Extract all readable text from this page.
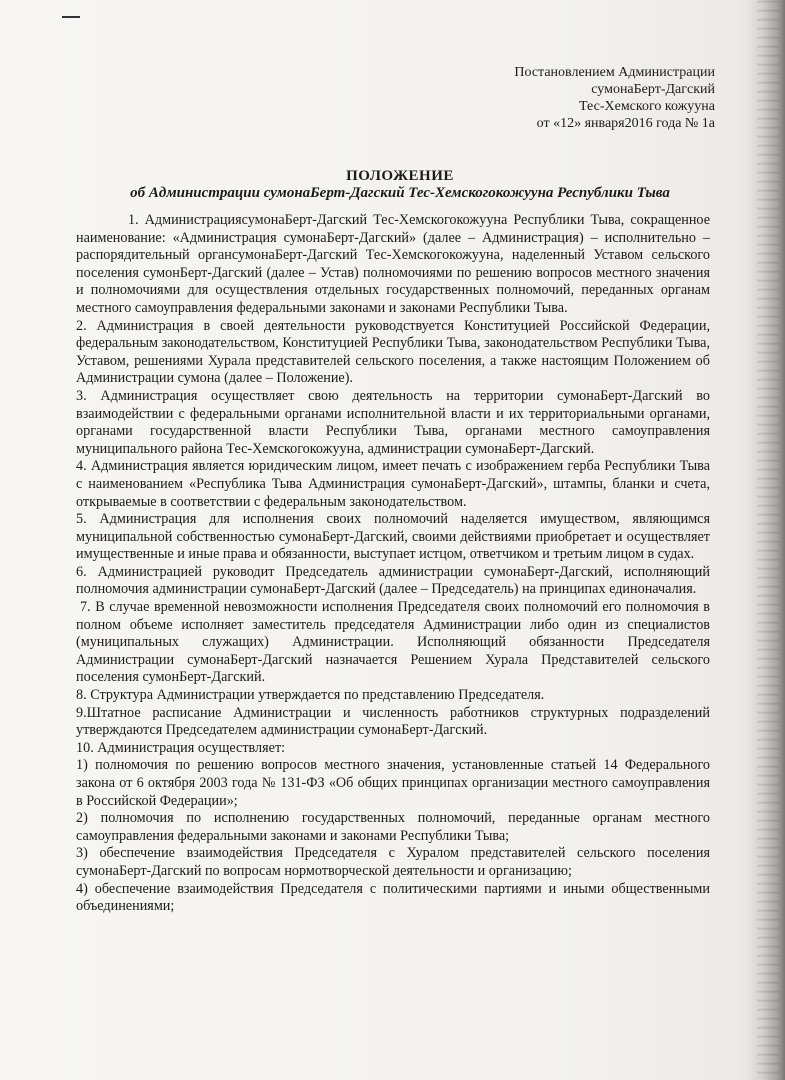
Постановлением Администрации
сумонаБерт-Дагский
Тес-Хемского кожууна
от «12» января2016 года № 1а
ПОЛОЖЕНИЕ
об Администрации сумонаБерт-Дагский Тес-Хемскогокожууна Республики Тыва

1. АдминистрациясумонаБерт-Дагский Тес-Хемскогокожууна Республики Тыва, сокращенное наименование: «Администрация сумонаБерт-Дагский» (далее – Администрация) – исполнительно – распорядительный органсумонаБерт-Дагский Тес-Хемскогокожууна, наделенный Уставом сельского поселения сумонБерт-Дагский (далее – Устав) полномочиями по решению вопросов местного значения и полномочиями для осуществления отдельных государственных полномочий, переданных органам местного самоуправления федеральными законами и законами Республики Тыва.

2. Администрация в своей деятельности руководствуется Конституцией Российской Федерации, федеральным законодательством, Конституцией Республики Тыва, законодательством Республики Тыва, Уставом, решениями Хурала представителей сельского поселения, а также настоящим Положением об Администрации сумона (далее – Положение).

3. Администрация осуществляет свою деятельность на территории сумонаБерт-Дагский во взаимодействии с федеральными органами исполнительной власти и их территориальными органами, органами государственной власти Республики Тыва, органами местного самоуправления муниципального района Тес-Хемскогокожууна, администрации сумонаБерт-Дагский.

4. Администрация является юридическим лицом, имеет печать с изображением герба Республики Тыва с наименованием «Республика Тыва Администрация сумонаБерт-Дагский», штампы, бланки и счета, открываемые в соответствии с федеральным законодательством.

5. Администрация для исполнения своих полномочий наделяется имуществом, являющимся муниципальной собственностью сумонаБерт-Дагский, своими действиями приобретает и осуществляет имущественные и иные права и обязанности, выступает истцом, ответчиком и третьим лицом в судах.

6. Администрацией руководит Председатель администрации сумонаБерт-Дагский, исполняющий полномочия администрации сумонаБерт-Дагский (далее – Председатель) на принципах единоначалия.

7. В случае временной невозможности исполнения Председателя своих полномочий его полномочия в полном объеме исполняет заместитель председателя Администрации либо один из специалистов (муниципальных служащих) Администрации. Исполняющий обязанности Председателя Администрации сумонаБерт-Дагский назначается Решением Хурала Представителей сельского поселения сумонБерт-Дагский.

8. Структура Администрации утверждается по представлению Председателя.

9.Штатное расписание Администрации и численность работников структурных подразделений утверждаются Председателем администрации сумонаБерт-Дагский.

10. Администрация осуществляет:

1) полномочия по решению вопросов местного значения, установленные статьей 14 Федерального закона от 6 октября 2003 года № 131-ФЗ «Об общих принципах организации местного самоуправления в Российской Федерации»;

2) полномочия по исполнению государственных полномочий, переданные органам местного самоуправления федеральными законами и законами Республики Тыва;

3) обеспечение взаимодействия Председателя с Хуралом представителей сельского поселения сумонаБерт-Дагский по вопросам нормотворческой деятельности и организацию;

4) обеспечение взаимодействия Председателя с политическими партиями и иными общественными объединениями;
